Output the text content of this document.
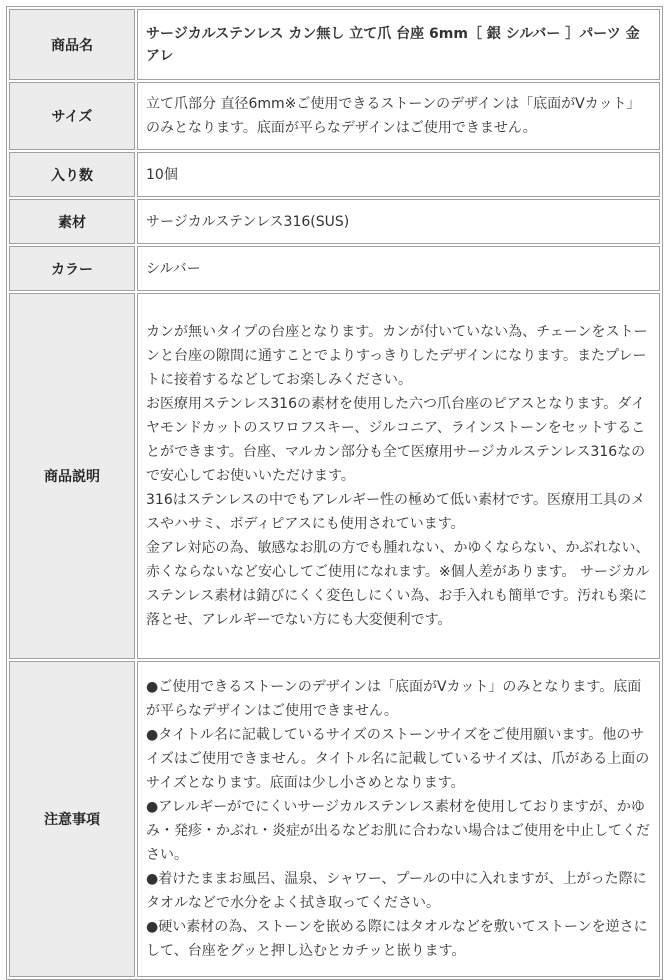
商品名	サージカルステンレス カン無し 立て爪 台座 6mm［ 銀 シルバー ］パーツ 金アレ
サイズ	立て爪部分 直径6mm※ご使用できるストーンのデザインは「底面がVカット」のみとなります。底面が平らなデザインはご使用できません。
入り数	10個
素材	サージカルステンレス316(SUS)
カラー	シルバー
商品説明	カンが無いタイプの台座となります。カンが付いていない為、チェーンをストーンと台座の隙間に通すことでよりすっきりしたデザインになります。またプレートに接着するなどしてお楽しみください。
お医療用ステンレス316の素材を使用した六つ爪台座のピアスとなります。ダイヤモンドカットのスワロフスキー、ジルコニア、ラインストーンをセットすることができます。台座、マルカン部分も全て医療用サージカルステンレス316なので安心してお使いいただけます。
316はステンレスの中でもアレルギー性の極めて低い素材です。医療用工具のメスやハサミ、ボディピアスにも使用されています。
金アレ対応の為、敏感なお肌の方でも腫れない、かゆくならない、かぶれない、赤くならないなど安心してご使用になれます。※個人差があります。 サージカルステンレス素材は錆びにくく変色しにくい為、お手入れも簡単です。汚れも楽に落とせ、アレルギーでない方にも大変便利です。

注意事項	●ご使用できるストーンのデザインは「底面がVカット」のみとなります。底面が平らなデザインはご使用できません。
●タイトル名に記載しているサイズのストーンサイズをご使用願います。他のサイズはご使用できません。タイトル名に記載しているサイズは、爪がある上面のサイズとなります。底面は少し小さめとなります。
●アレルギーがでにくいサージカルステンレス素材を使用しておりますが、かゆみ・発疹・かぶれ・炎症が出るなどお肌に合わない場合はご使用を中止してください。
●着けたままお風呂、温泉、シャワー、プールの中に入れますが、上がった際にタオルなどで水分をよく拭き取ってください。
●硬い素材の為、ストーンを嵌める際にはタオルなどを敷いてストーンを逆さにして、台座をグッと押し込むとカチッと嵌ります。
